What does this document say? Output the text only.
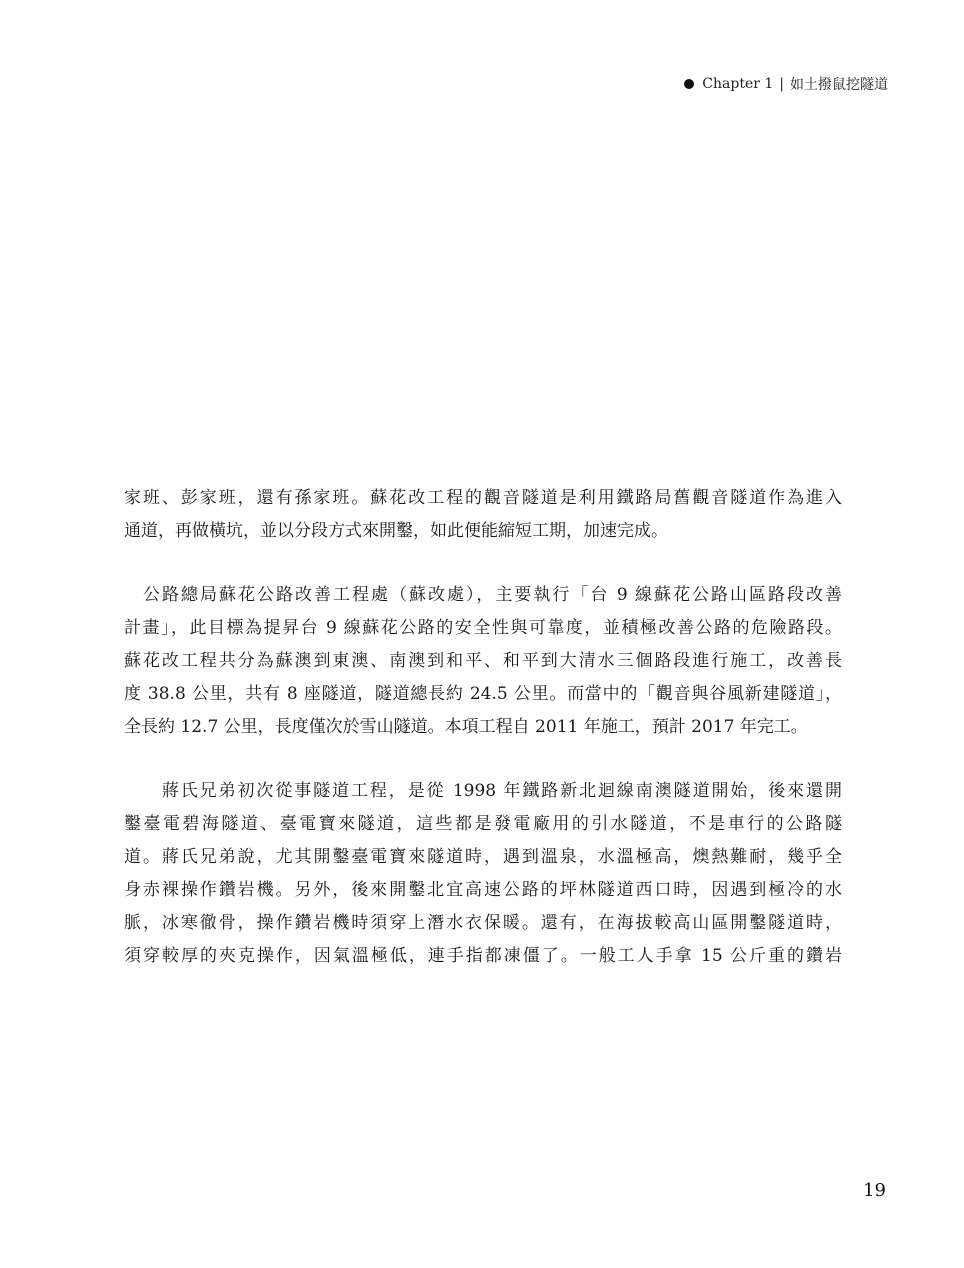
Chapter 1 | 如土撥鼠挖隧道
家班、彭家班，還有孫家班。蘇花改工程的觀音隧道是利用鐵路局舊觀音隧道作為進入
通道，再做橫坑，並以分段方式來開鑿，如此便能縮短工期，加速完成。
　公路總局蘇花公路改善工程處（蘇改處），主要執行「台 9 線蘇花公路山區路段改善
計畫」，此目標為提昇台 9 線蘇花公路的安全性與可靠度，並積極改善公路的危險路段。
蘇花改工程共分為蘇澳到東澳、南澳到和平、和平到大清水三個路段進行施工，改善長
度 38.8 公里，共有 8 座隧道，隧道總長約 24.5 公里。而當中的「觀音與谷風新建隧道」，
全長約 12.7 公里，長度僅次於雪山隧道。本項工程自 2011 年施工，預計 2017 年完工。
　　蔣氏兄弟初次從事隧道工程，是從 1998 年鐵路新北迴線南澳隧道開始，後來還開
鑿臺電碧海隧道、臺電寶來隧道，這些都是發電廠用的引水隧道，不是車行的公路隧
道。蔣氏兄弟說，尤其開鑿臺電寶來隧道時，遇到溫泉，水溫極高，燠熱難耐，幾乎全
身赤裸操作鑽岩機。另外，後來開鑿北宜高速公路的坪林隧道西口時，因遇到極冷的水
脈，冰寒徹骨，操作鑽岩機時須穿上潛水衣保暖。還有，在海拔較高山區開鑿隧道時，
須穿較厚的夾克操作，因氣溫極低，連手指都凍僵了。一般工人手拿 15 公斤重的鑽岩
19
